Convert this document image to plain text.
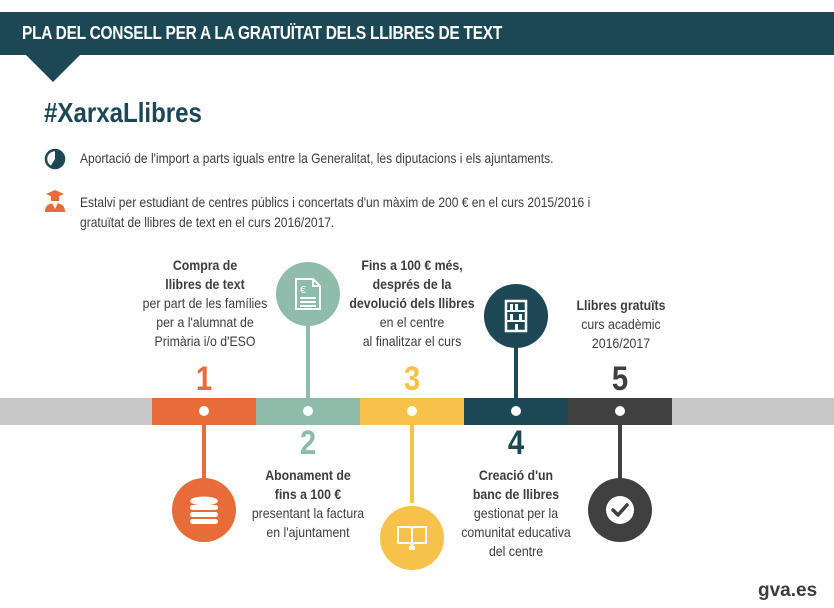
PLA DEL CONSELL PER A LA GRATUÏTAT DELS LLIBRES DE TEXT
#XarxaLlibres
Aportació de l'import a parts iguals entre la Generalitat, les diputacions i els ajuntaments.
Estalvi per estudiant de centres públics i concertats d'un màxim de 200 € en el curs 2015/2016 i gratuïtat de llibres de text en el curs 2016/2017.
1
2
3
4
5
€
Compra de
llibres de text
per part de les famílies
per a l'alumnat de
Primària i/o d'ESO
Abonament de
fins a 100 €
presentant la factura
en l'ajuntament
Fins a 100 € més,
després de la
devolució dels llibres
en el centre
al finalitzar el curs
Creació d'un
banc de llibres
gestionat per la
comunitat educativa
del centre
Llibres gratuïts
curs acadèmic
2016/2017
gva.es
